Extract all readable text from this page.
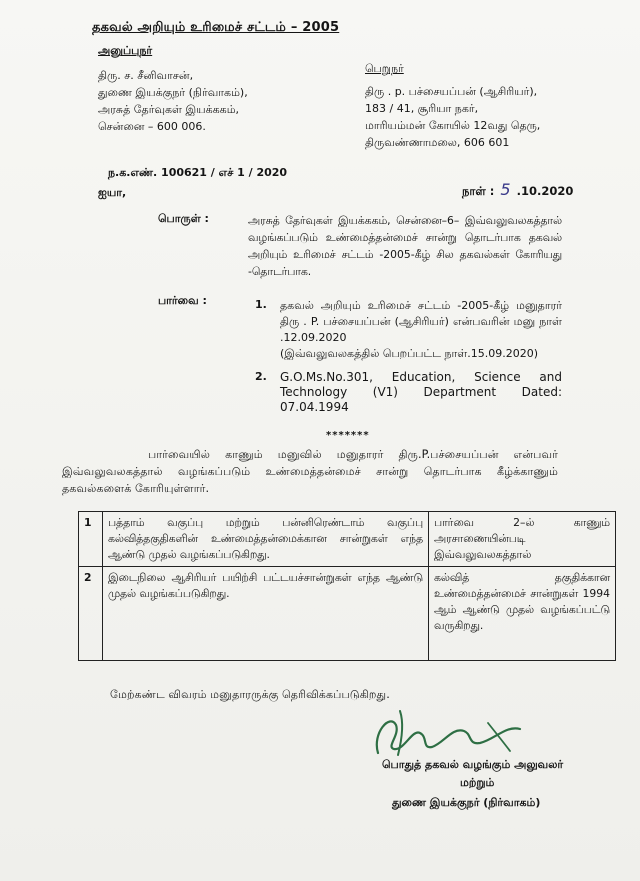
தகவல் அறியும் உரிமைச் சட்டம் – 2005
அனுப்புநர்
திரு. ச. சீனிவாசன்,
துணை இயக்குநர் (நிர்வாகம்),
அரசுத் தேர்வுகள் இயக்ககம்,
சென்னை – 600 006.
பெறுநர்
திரு . p. பச்சையப்பன் (ஆசிரியர்),
183 / 41, சூரியா நகர்,
மாரியம்மன் கோயில் 12வது தெரு,
திருவண்ணாமலை, 606 601
ந.க.எண். 100621 / எச் 1 / 2020
நாள் : 5 .10.2020
ஐயா,
பொருள் :	அரசுத் தேர்வுகள் இயக்ககம், சென்னை–6– இவ்வலுவலகத்தால் வழங்கப்படும் உண்மைத்தன்மைச் சான்று தொடர்பாக தகவல் அறியும் உரிமைச் சட்டம் -2005-கீழ் சில தகவல்கள் கோரியது -தொடர்பாக.
பார்வை :	1. தகவல் அறியும் உரிமைச் சட்டம் -2005-கீழ் மனுதாரர் திரு . P. பச்சையப்பன் (ஆசிரியர்) என்பவரின் மனு நாள் .12.09.2020
(இவ்வலுவலகத்தில் பெறப்பட்ட நாள்.15.09.2020)
2. G.O.Ms.No.301, Education, Science and Technology (V1) Department Dated: 07.04.1994
*******
பார்வையில் காணும் மனுவில் மனுதாரர் திரு.P.பச்சையப்பன் என்பவர் இவ்வலுவலகத்தால் வழங்கப்படும் உண்மைத்தன்மைச் சான்று தொடர்பாக கீழ்க்காணும் தகவல்களைக் கோரியுள்ளார்.
1	பத்தாம் வகுப்பு மற்றும் பன்னிரெண்டாம் வகுப்பு கல்வித்தகுதிகளின் உண்மைத்தன்மைக்கான சான்றுகள் எந்த ஆண்டு முதல் வழங்கப்படுகிறது.	பார்வை 2–ல் காணும் அரசாணையின்படி இவ்வலுவலகத்தால்
2	இடைநிலை ஆசிரியர் பயிற்சி பட்டயச்சான்றுகள் எந்த ஆண்டு முதல் வழங்கப்படுகிறது.	கல்வித் தகுதிக்கான உண்மைத்தன்மைச் சான்றுகள் 1994 ஆம் ஆண்டு முதல் வழங்கப்பட்டு வருகிறது.
மேற்கண்ட விவரம் மனுதாரருக்கு தெரிவிக்கப்படுகிறது.
பொதுத் தகவல் வழங்கும் அலுவலர்
மற்றும்
துணை இயக்குநர் (நிர்வாகம்)
